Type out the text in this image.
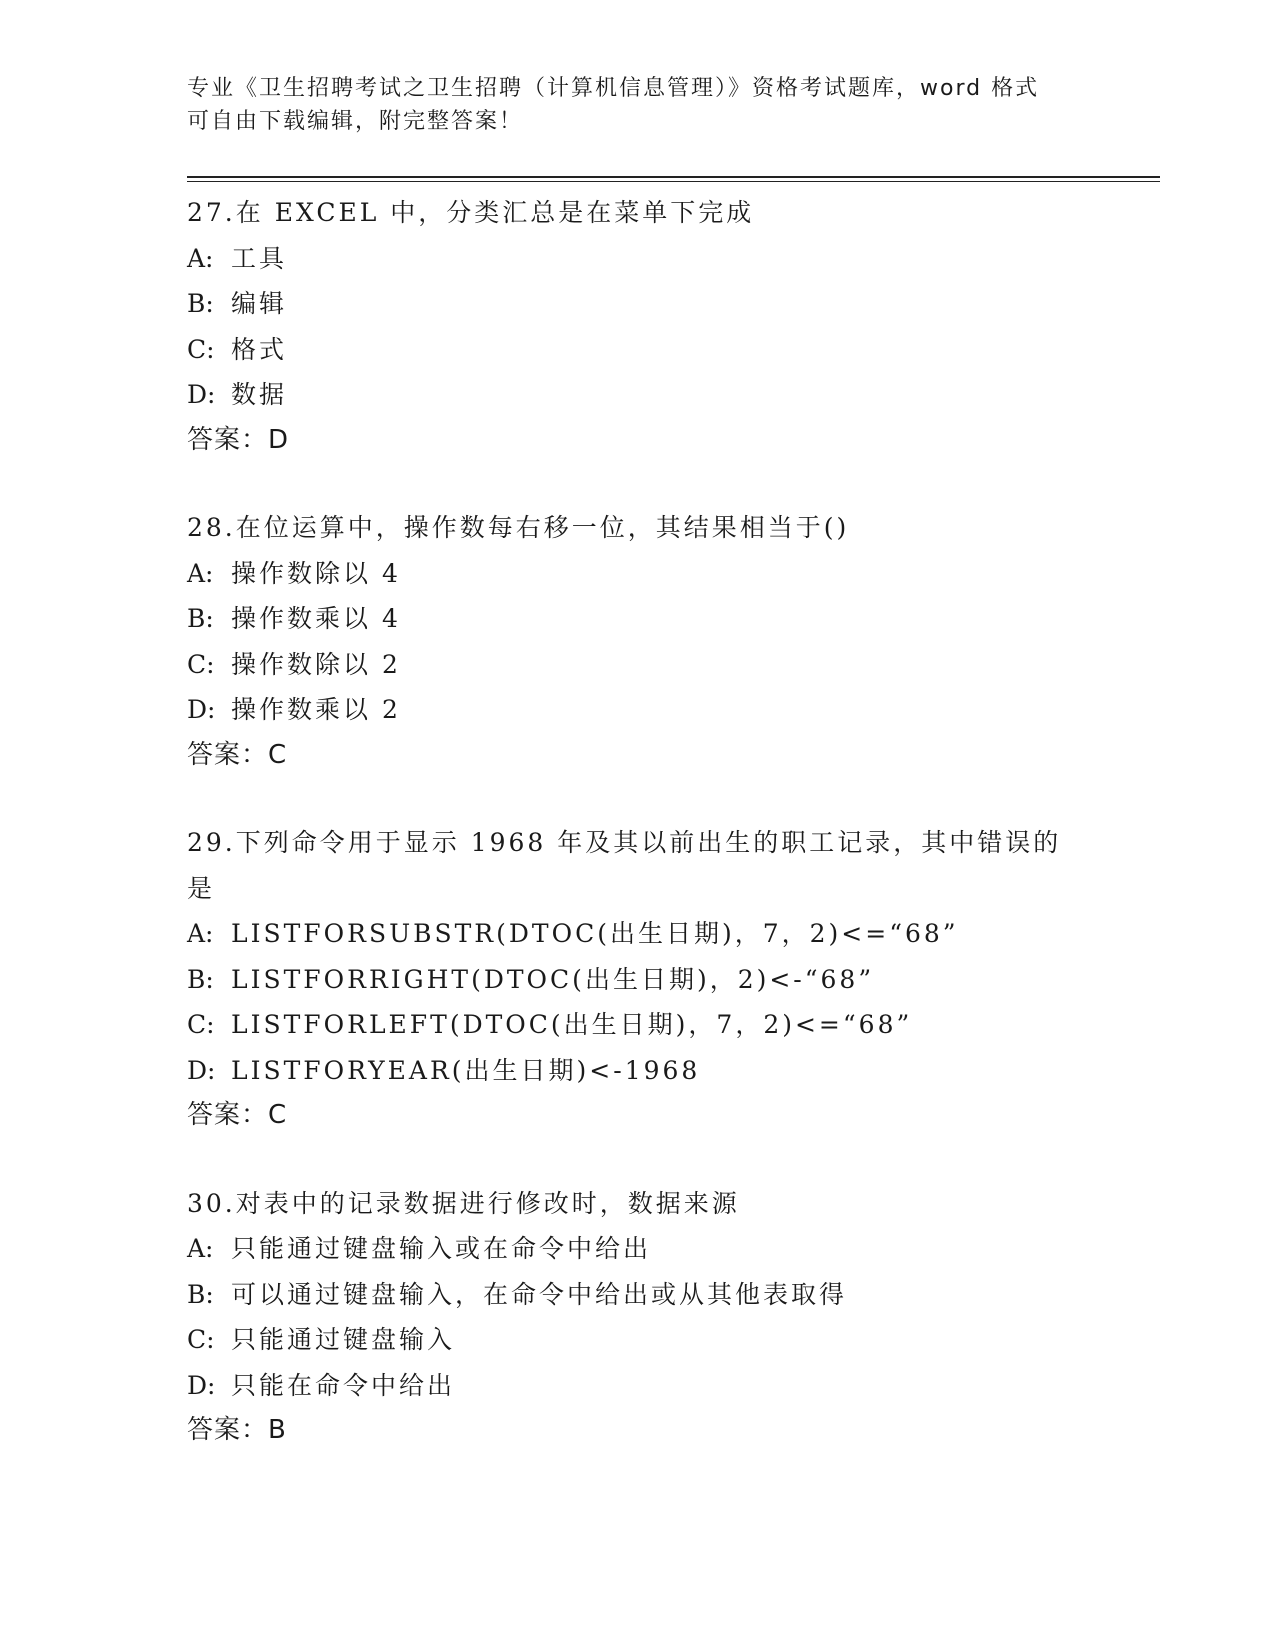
专业《卫生招聘考试之卫生招聘（计算机信息管理）》资格考试题库，word 格式
可自由下载编辑，附完整答案！
27.在 EXCEL 中，分类汇总是在菜单下完成
A: 工具
B: 编辑
C: 格式
D: 数据
答案：D
28.在位运算中，操作数每右移一位，其结果相当于()
A: 操作数除以 4
B: 操作数乘以 4
C: 操作数除以 2
D: 操作数乘以 2
答案：C
29.下列命令用于显示 1968 年及其以前出生的职工记录，其中错误的是
A: LISTFORSUBSTR(DTOC(出生日期)，7，2)<=“68”
B: LISTFORRIGHT(DTOC(出生日期)，2)<-“68”
C: LISTFORLEFT(DTOC(出生日期)，7，2)<=“68”
D: LISTFORYEAR(出生日期)<-1968
答案：C
30.对表中的记录数据进行修改时，数据来源
A: 只能通过键盘输入或在命令中给出
B: 可以通过键盘输入，在命令中给出或从其他表取得
C: 只能通过键盘输入
D: 只能在命令中给出
答案：B
